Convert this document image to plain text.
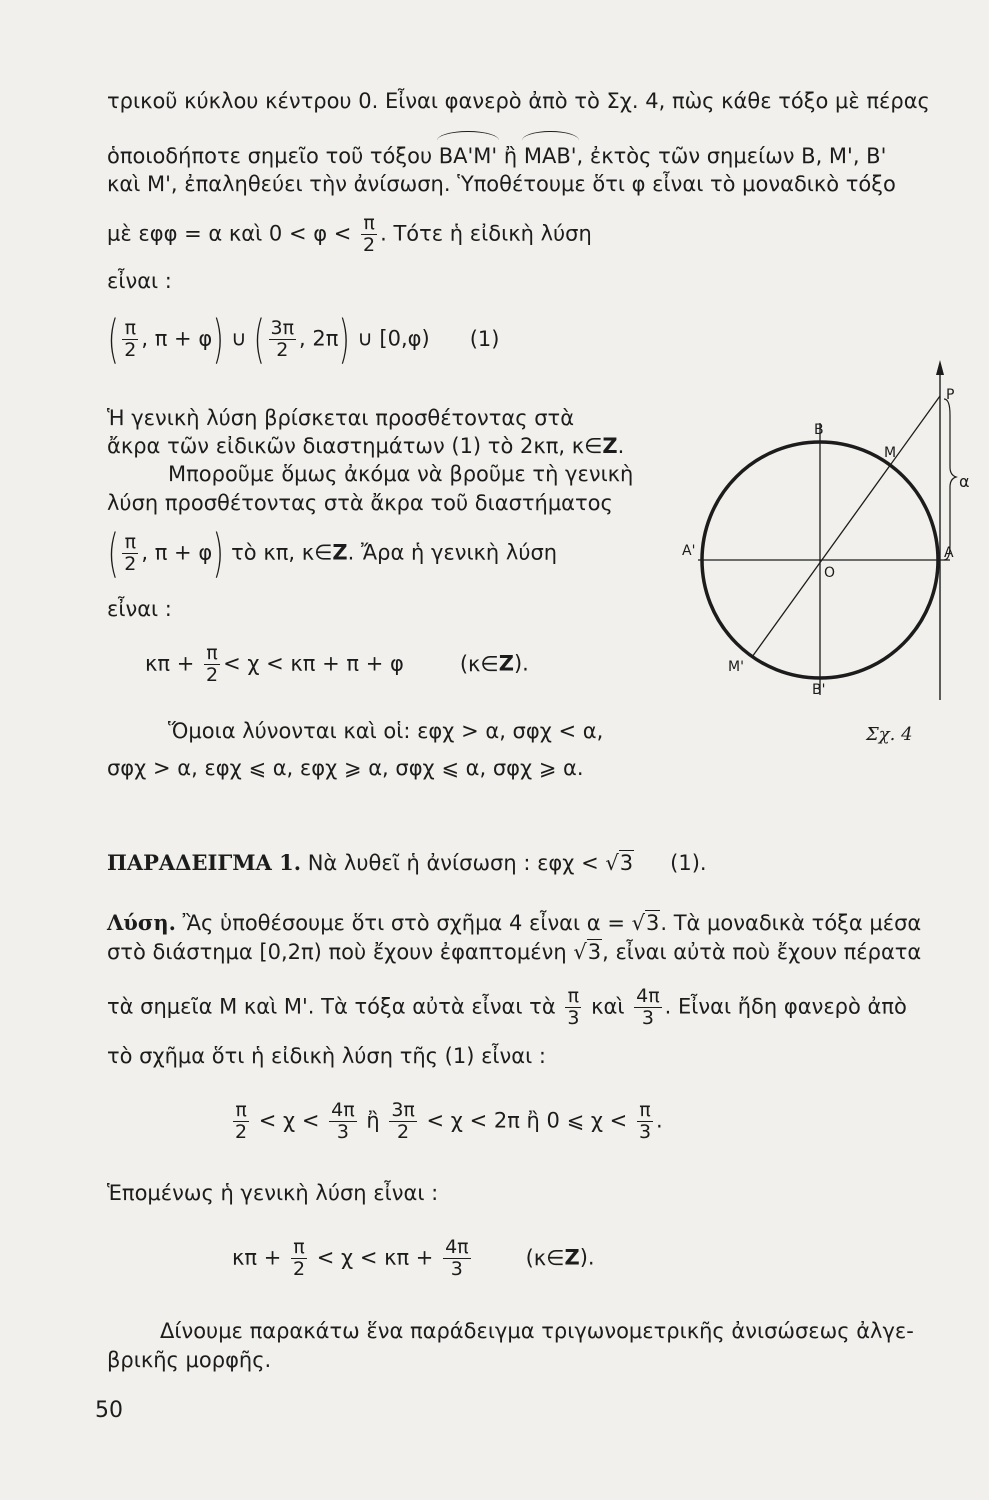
τρικοῦ κύκλου κέντρου 0. Εἶναι φανερὸ ἀπὸ τὸ Σχ. 4, πὼς κάθε τόξο μὲ πέρας
ὁποιοδήποτε σημεῖο τοῦ τόξου ΒΑ'Μ' ἢ ΜΑΒ', ἐκτὸς τῶν σημείων Β, Μ', Β'
καὶ Μ', ἐπαληθεύει τὴν ἀνίσωση. Ὑποθέτουμε ὅτι φ εἶναι τὸ μοναδικὸ τόξο
μὲ εφφ = α καὶ $0 < \varphi < \frac{\pi}{2}$ . Τότε ἡ εἰδικὴ λύση
εἶναι :
( $\frac{\pi}{2}$ , π + φ) ∪ ( $\frac{3\pi}{2}$ , 2π) ∪ [0,φ) (1)
Ἡ γενικὴ λύση βρίσκεται προσθέτοντας στὰ
ἄκρα τῶν εἰδικῶν διαστημάτων (1) τὸ 2κπ, κ∈Z.
Μποροῦμε ὅμως ἀκόμα νὰ βροῦμε τὴ γενικὴ
λύση προσθέτοντας στὰ ἄκρα τοῦ διαστήματος
( $\frac{\pi}{2}$ , π + φ) τὸ κπ, κ∈Z. Ἄρα ἡ γενικὴ λύση
εἶναι :
$\kappa\pi + \frac{\pi}{2} < \chi < \kappa\pi + \pi + \varphi$	(κ∈Z).
Ὅμοια λύνονται καὶ οἱ: εφχ > α, σφχ < α,
σφχ > α, εφχ ⩽ α, εφχ ⩾ α, σφχ ⩽ α, σφχ ⩾ α.
ΠΑΡΑΔΕΙΓΜΑ 1. Νὰ λυθεῖ ἡ ἀνίσωση : εφχ < √3 (1).
Λύση. Ἂς ὑποθέσουμε ὅτι στὸ σχῆμα 4 εἶναι α = √3. Τὰ μοναδικὰ τόξα μέσα
στὸ διάστημα [0,2π) ποὺ ἔχουν ἐφαπτομένη √3, εἶναι αὐτὰ ποὺ ἔχουν πέρατα
τὰ σημεῖα Μ καὶ Μ'. Τὰ τόξα αὐτὰ εἶναι τὰ $\frac{\pi}{3}$ καὶ $\frac{4\pi}{3}$ . Εἶναι ἤδη φανερὸ ἀπὸ
τὸ σχῆμα ὅτι ἡ εἰδικὴ λύση τῆς (1) εἶναι :
$\frac{\pi}{2} < \chi < \frac{4\pi}{3}$ ἢ $\frac{3\pi}{2} < \chi < 2\pi$ ἢ 0 ⩽ $\chi < \frac{\pi}{3}$ .
Ἑπομένως ἡ γενικὴ λύση εἶναι :
$\kappa\pi + \frac{\pi}{2} < \chi < \kappa\pi + \frac{4\pi}{3}$	(κ∈Z).
Δίνουμε παρακάτω ἕνα παράδειγμα τριγωνομετρικῆς ἀνισώσεως ἀλγε-
βρικῆς μορφῆς.
50
B
M
P
α
A'
O
A
M'
B'
Σχ. 4
